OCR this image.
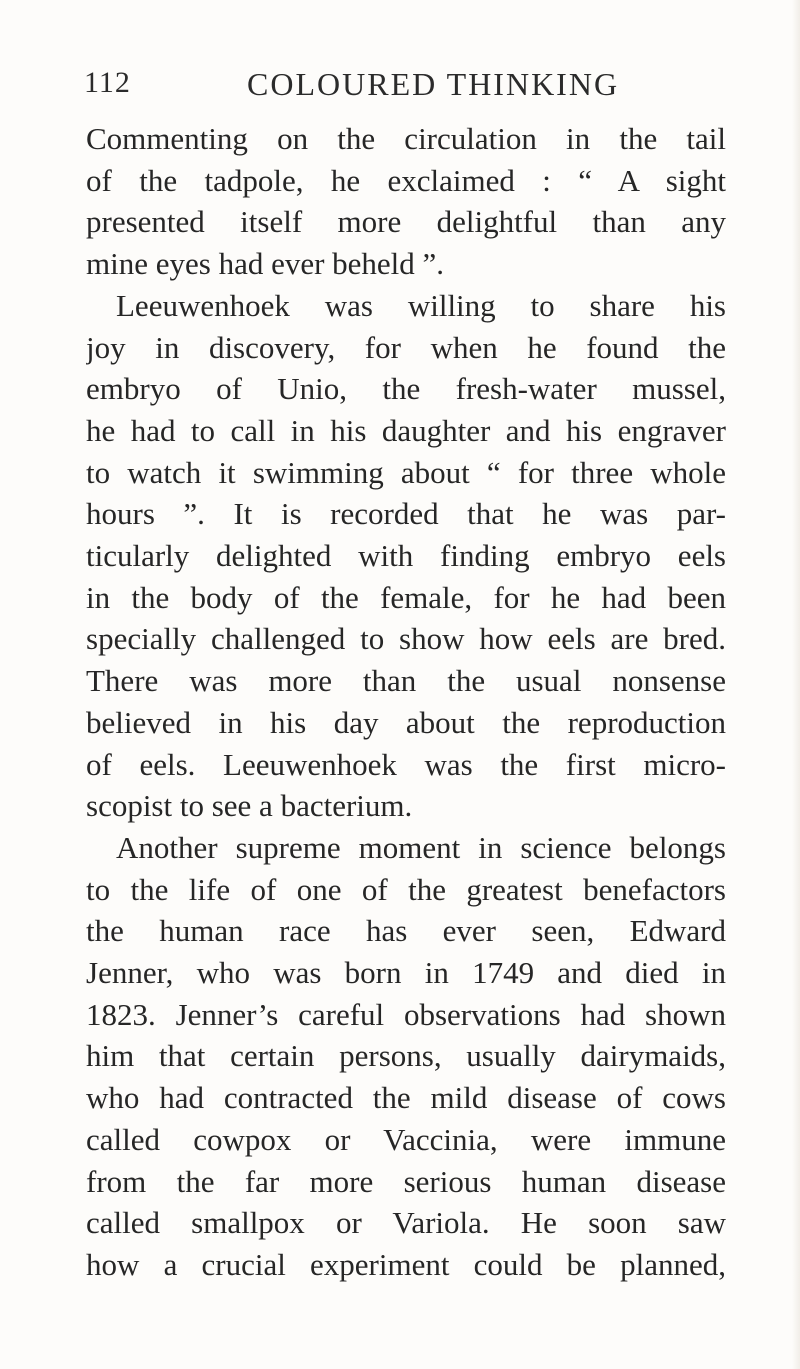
112	COLOURED THINKING
Commenting on the circulation in the tail
of the tadpole, he exclaimed : “ A sight
presented itself more delightful than any
mine eyes had ever beheld ”.
Leeuwenhoek was willing to share his
joy in discovery, for when he found the
embryo of Unio, the fresh-water mussel,
he had to call in his daughter and his engraver
to watch it swimming about “ for three whole
hours ”. It is recorded that he was par-
ticularly delighted with finding embryo eels
in the body of the female, for he had been
specially challenged to show how eels are bred.
There was more than the usual nonsense
believed in his day about the reproduction
of eels. Leeuwenhoek was the first micro-
scopist to see a bacterium.
Another supreme moment in science belongs
to the life of one of the greatest benefactors
the human race has ever seen, Edward
Jenner, who was born in 1749 and died in
1823. Jenner’s careful observations had shown
him that certain persons, usually dairymaids,
who had contracted the mild disease of cows
called cowpox or Vaccinia, were immune
from the far more serious human disease
called smallpox or Variola. He soon saw
how a crucial experiment could be planned,
